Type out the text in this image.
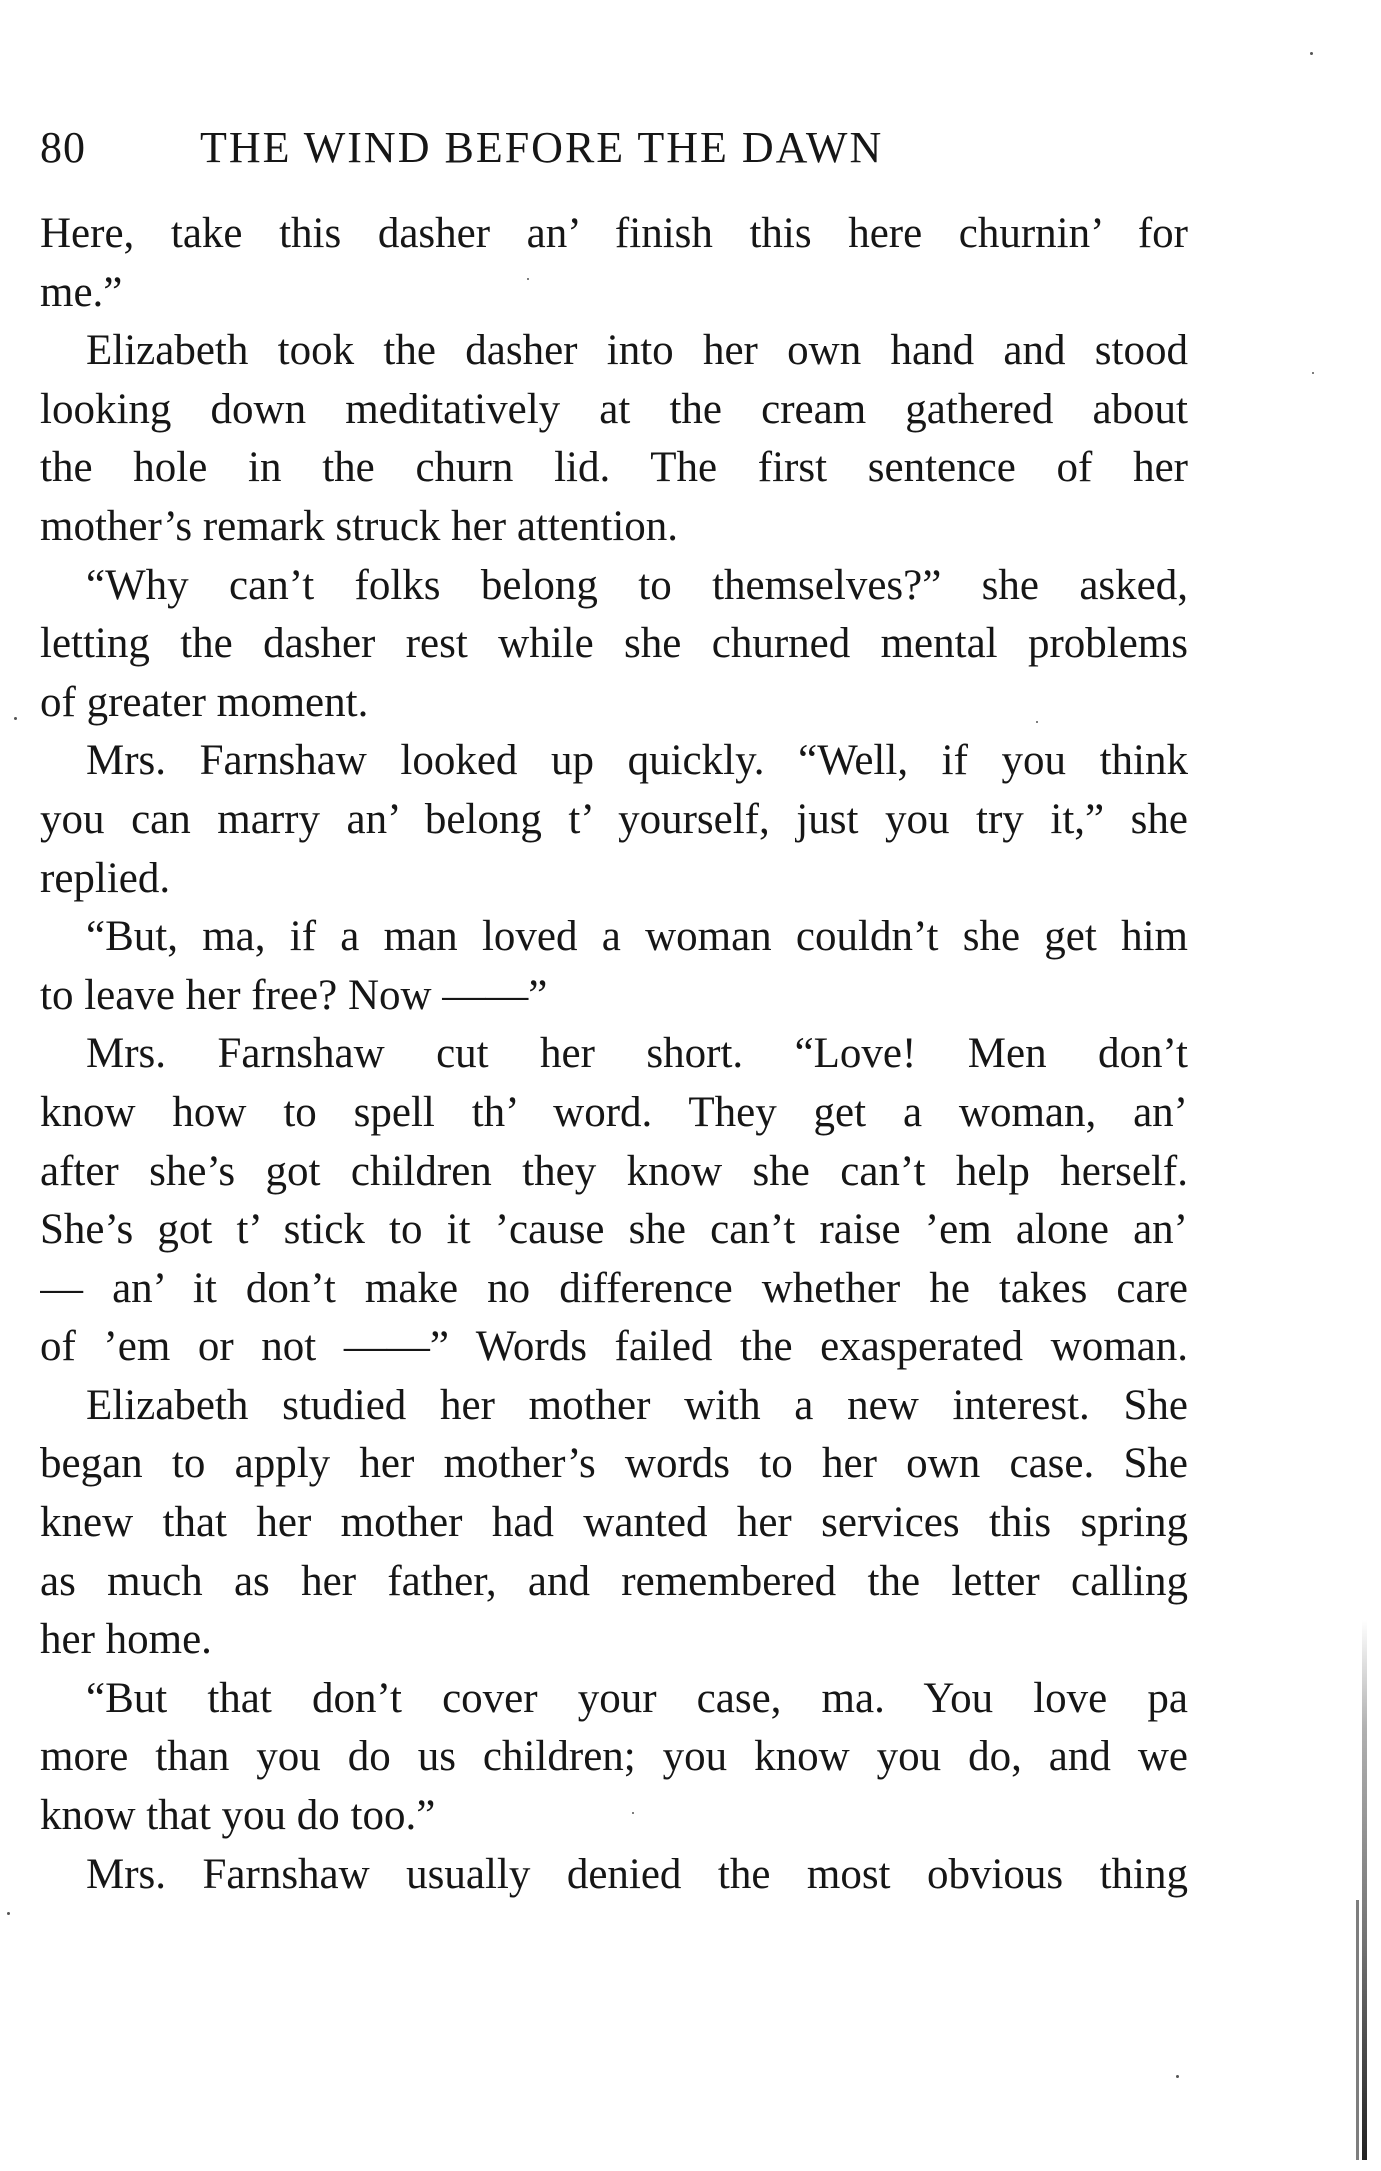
80	THE WIND BEFORE THE DAWN
Here, take this dasher an’ finish this here churnin’ for
me.”
Elizabeth took the dasher into her own hand and stood
looking down meditatively at the cream gathered about
the hole in the churn lid. The first sentence of her
mother’s remark struck her attention.
“Why can’t folks belong to themselves?” she asked,
letting the dasher rest while she churned mental problems
of greater moment.
Mrs. Farnshaw looked up quickly. “Well, if you think
you can marry an’ belong t’ yourself, just you try it,” she
replied.
“But, ma, if a man loved a woman couldn’t she get him
to leave her free? Now ——”
Mrs. Farnshaw cut her short. “Love! Men don’t
know how to spell th’ word. They get a woman, an’
after she’s got children they know she can’t help herself.
She’s got t’ stick to it ’cause she can’t raise ’em alone an’
— an’ it don’t make no difference whether he takes care
of ’em or not ——” Words failed the exasperated woman.
Elizabeth studied her mother with a new interest. She
began to apply her mother’s words to her own case. She
knew that her mother had wanted her services this spring
as much as her father, and remembered the letter calling
her home.
“But that don’t cover your case, ma. You love pa
more than you do us children; you know you do, and we
know that you do too.”
Mrs. Farnshaw usually denied the most obvious thing
